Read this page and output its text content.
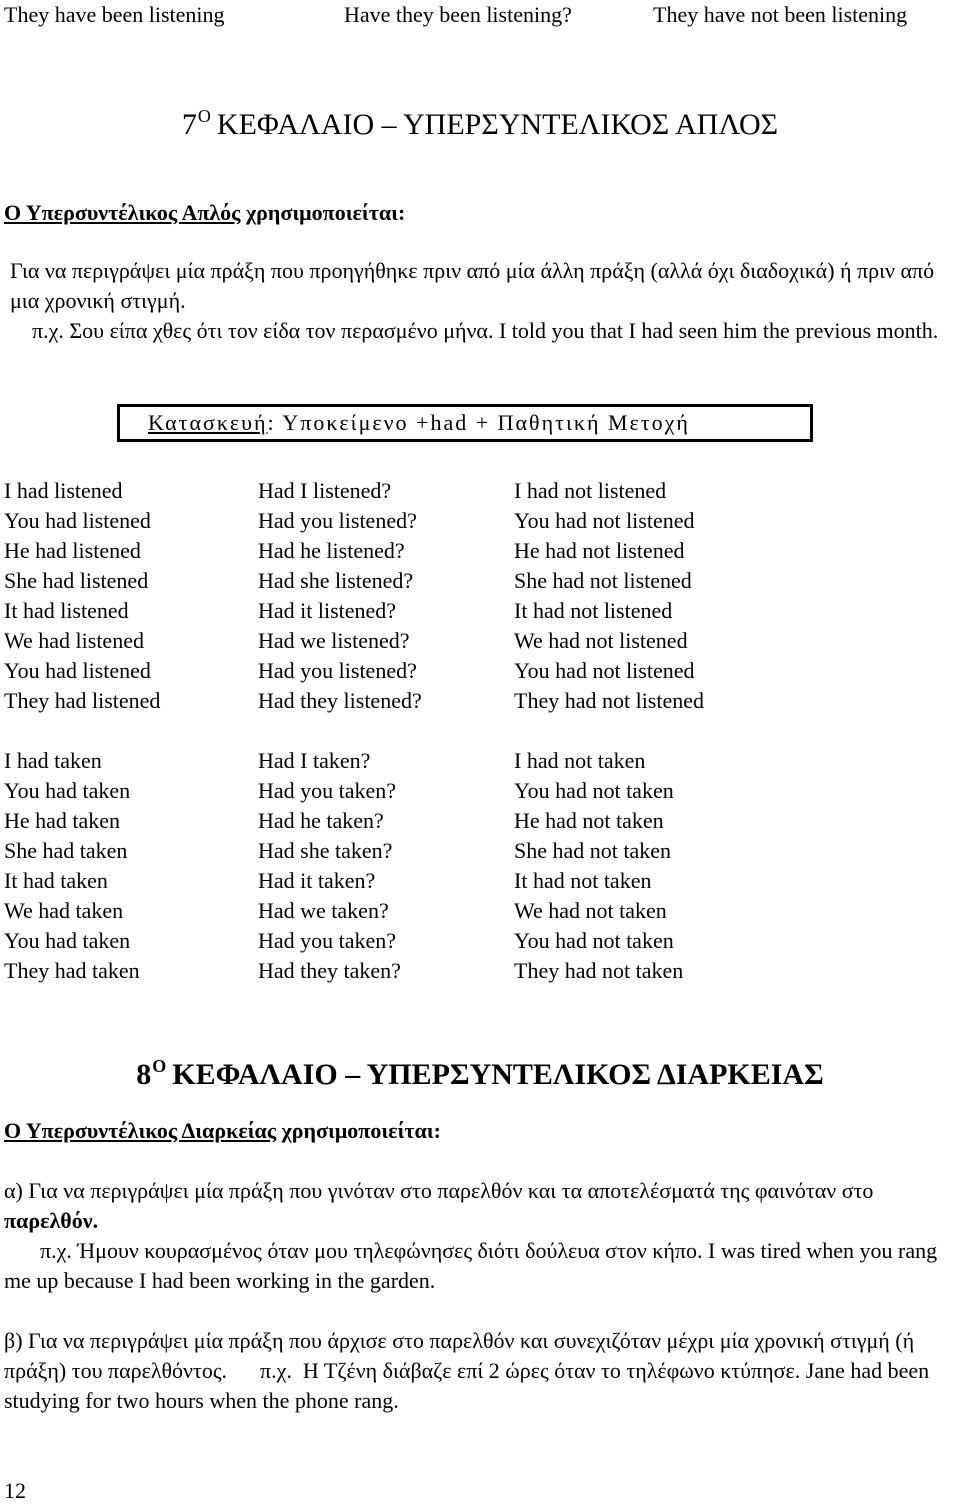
They have been listening	Have they been listening?	They have not been listening
$7^O$ ΚΕΦΑΛΑΙΟ – ΥΠΕΡΣΥΝΤΕΛΙΚΟΣ ΑΠΛΟΣ
Ο Υπερσυντέλικος Απλός χρησιμοποιείται:
Για να περιγράψει μία πράξη που προηγήθηκε πριν από μία άλλη πράξη (αλλά όχι διαδοχικά) ή πριν από μια χρονική στιγμή.
π.χ. Σου είπα χθες ότι τον είδα τον περασμένο μήνα. I told you that I had seen him the previous month.
Κατασκευή: Υποκείμενο +had + Παθητική Μετοχή
I had listened	Had I listened?	I had not listened
You had listened	Had you listened?	You had not listened
He had listened	Had he listened?	He had not listened
She had listened	Had she listened?	She had not listened
It had listened	Had it listened?	It had not listened
We had listened	Had we listened?	We had not listened
You had listened	Had you listened?	You had not listened
They had listened	Had they listened?	They had not listened
I had taken	Had I taken?	I had not taken
You had taken	Had you taken?	You had not taken
He had taken	Had he taken?	He had not taken
She had taken	Had she taken?	She had not taken
It had taken	Had it taken?	It had not taken
We had taken	Had we taken?	We had not taken
You had taken	Had you taken?	You had not taken
They had taken	Had they taken?	They had not taken
$8^O$ ΚΕΦΑΛΑΙΟ – ΥΠΕΡΣΥΝΤΕΛΙΚΟΣ ΔΙΑΡΚΕΙΑΣ
Ο Υπερσυντέλικος Διαρκείας χρησιμοποιείται:
α) Για να περιγράψει μία πράξη που γινόταν στο παρελθόν και τα αποτελέσματά της φαινόταν στο παρελθόν.
π.χ. Ήμουν κουρασμένος όταν μου τηλεφώνησες διότι δούλευα στον κήπο. I was tired when you rang me up because I had been working in the garden.
β) Για να περιγράψει μία πράξη που άρχισε στο παρελθόν και συνεχιζόταν μέχρι μία χρονική στιγμή (ή πράξη) του παρελθόντος.      π.χ.  Η Τζένη διάβαζε επί 2 ώρες όταν το τηλέφωνο κτύπησε. Jane had been studying for two hours when the phone rang.
12
